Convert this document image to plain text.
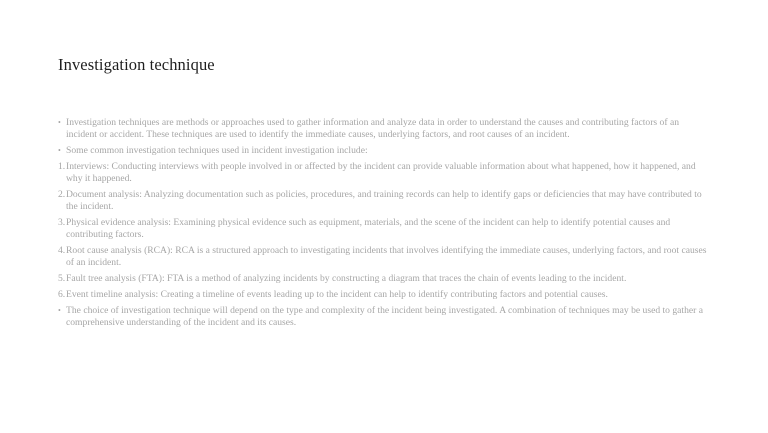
Investigation technique
• Investigation techniques are methods or approaches used to gather information and analyze data in order to understand the causes and contributing factors of an incident or accident. These techniques are used to identify the immediate causes, underlying factors, and root causes of an incident.
• Some common investigation techniques used in incident investigation include:
1. Interviews: Conducting interviews with people involved in or affected by the incident can provide valuable information about what happened, how it happened, and why it happened.
2. Document analysis: Analyzing documentation such as policies, procedures, and training records can help to identify gaps or deficiencies that may have contributed to the incident.
3. Physical evidence analysis: Examining physical evidence such as equipment, materials, and the scene of the incident can help to identify potential causes and contributing factors.
4. Root cause analysis (RCA): RCA is a structured approach to investigating incidents that involves identifying the immediate causes, underlying factors, and root causes of an incident.
5. Fault tree analysis (FTA): FTA is a method of analyzing incidents by constructing a diagram that traces the chain of events leading to the incident.
6. Event timeline analysis: Creating a timeline of events leading up to the incident can help to identify contributing factors and potential causes.
• The choice of investigation technique will depend on the type and complexity of the incident being investigated. A combination of techniques may be used to gather a comprehensive understanding of the incident and its causes.
